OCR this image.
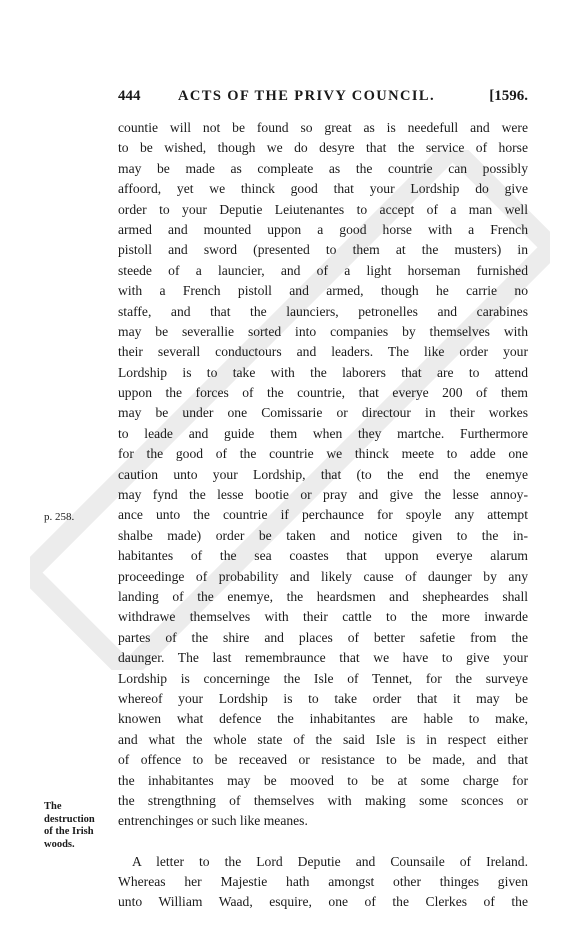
444	ACTS OF THE PRIVY COUNCIL.	[1596.
p. 258.
The
destruction
of the Irish
woods.
countie will not be found so great as is needefull and were
to be wished, though we do desyre that the service of horse
may be made as compleate as the countrie can possibly
affoord, yet we thinck good that your Lordship do give
order to your Deputie Leiutenantes to accept of a man well
armed and mounted uppon a good horse with a French
pistoll and sword (presented to them at the musters) in
steede of a launcier, and of a light horseman furnished
with a French pistoll and armed, though he carrie no
staffe, and that the launciers, petronelles and carabines
may be severallie sorted into companies by themselves with
their severall conductours and leaders. The like order your
Lordship is to take with the laborers that are to attend
uppon the forces of the countrie, that everye 200 of them
may be under one Comissarie or directour in their workes
to leade and guide them when they martche. Furthermore
for the good of the countrie we thinck meete to adde one
caution unto your Lordship, that (to the end the enemye
may fynd the lesse bootie or pray and give the lesse annoy-
ance unto the countrie if perchaunce for spoyle any attempt
shalbe made) order be taken and notice given to the in-
habitantes of the sea coastes that uppon everye alarum
proceedinge of probability and likely cause of daunger by any
landing of the enemye, the heardsmen and shepheardes shall
withdrawe themselves with their cattle to the more inwarde
partes of the shire and places of better safetie from the
daunger. The last remembraunce that we have to give your
Lordship is concerninge the Isle of Tennet, for the surveye
whereof your Lordship is to take order that it may be
knowen what defence the inhabitantes are hable to make,
and what the whole state of the said Isle is in respect either
of offence to be receaved or resistance to be made, and that
the inhabitantes may be mooved to be at some charge for
the strengthning of themselves with making some sconces or
entrenchinges or such like meanes.
A letter to the Lord Deputie and Counsaile of Ireland.
Whereas her Majestie hath amongst other thinges given
unto William Waad, esquire, one of the Clerkes of the
